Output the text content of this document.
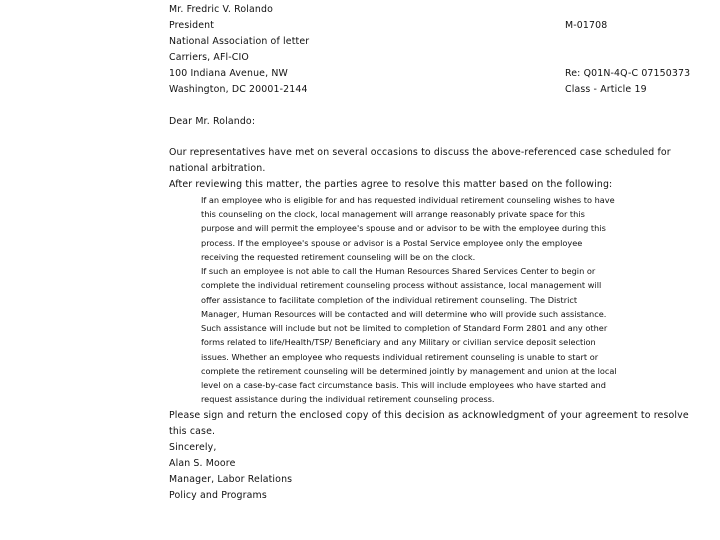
Mr. Fredric V. Rolando
President
National Association of letter
Carriers, AFl-CIO
100 Indiana Avenue, NW
Washington, DC 20001-2144
M-01708
Re: Q01N-4Q-C 07150373
Class - Article 19
Dear Mr. Rolando:
Our representatives have met on several occasions to discuss the above-referenced case scheduled for
national arbitration.
After reviewing this matter, the parties agree to resolve this matter based on the following:
If an employee who is eligible for and has requested individual retirement counseling wishes to have
this counseling on the clock, local management will arrange reasonably private space for this
purpose and will permit the employee's spouse and or advisor to be with the employee during this
process. If the employee's spouse or advisor is a Postal Service employee only the employee
receiving the requested retirement counseling will be on the clock.
If such an employee is not able to call the Human Resources Shared Services Center to begin or
complete the individual retirement counseling process without assistance, local management will
offer assistance to facilitate completion of the individual retirement counseling. The District
Manager, Human Resources will be contacted and will determine who will provide such assistance.
Such assistance will include but not be limited to completion of Standard Form 2801 and any other
forms related to life/Health/TSP/ Beneficiary and any Military or civilian service deposit selection
issues. Whether an employee who requests individual retirement counseling is unable to start or
complete the retirement counseling will be determined jointly by management and union at the local
level on a case-by-case fact circumstance basis. This will include employees who have started and
request assistance during the individual retirement counseling process.
Please sign and return the enclosed copy of this decision as acknowledgment of your agreement to resolve
this case.
Sincerely,
Alan S. Moore
Manager, Labor Relations
Policy and Programs
